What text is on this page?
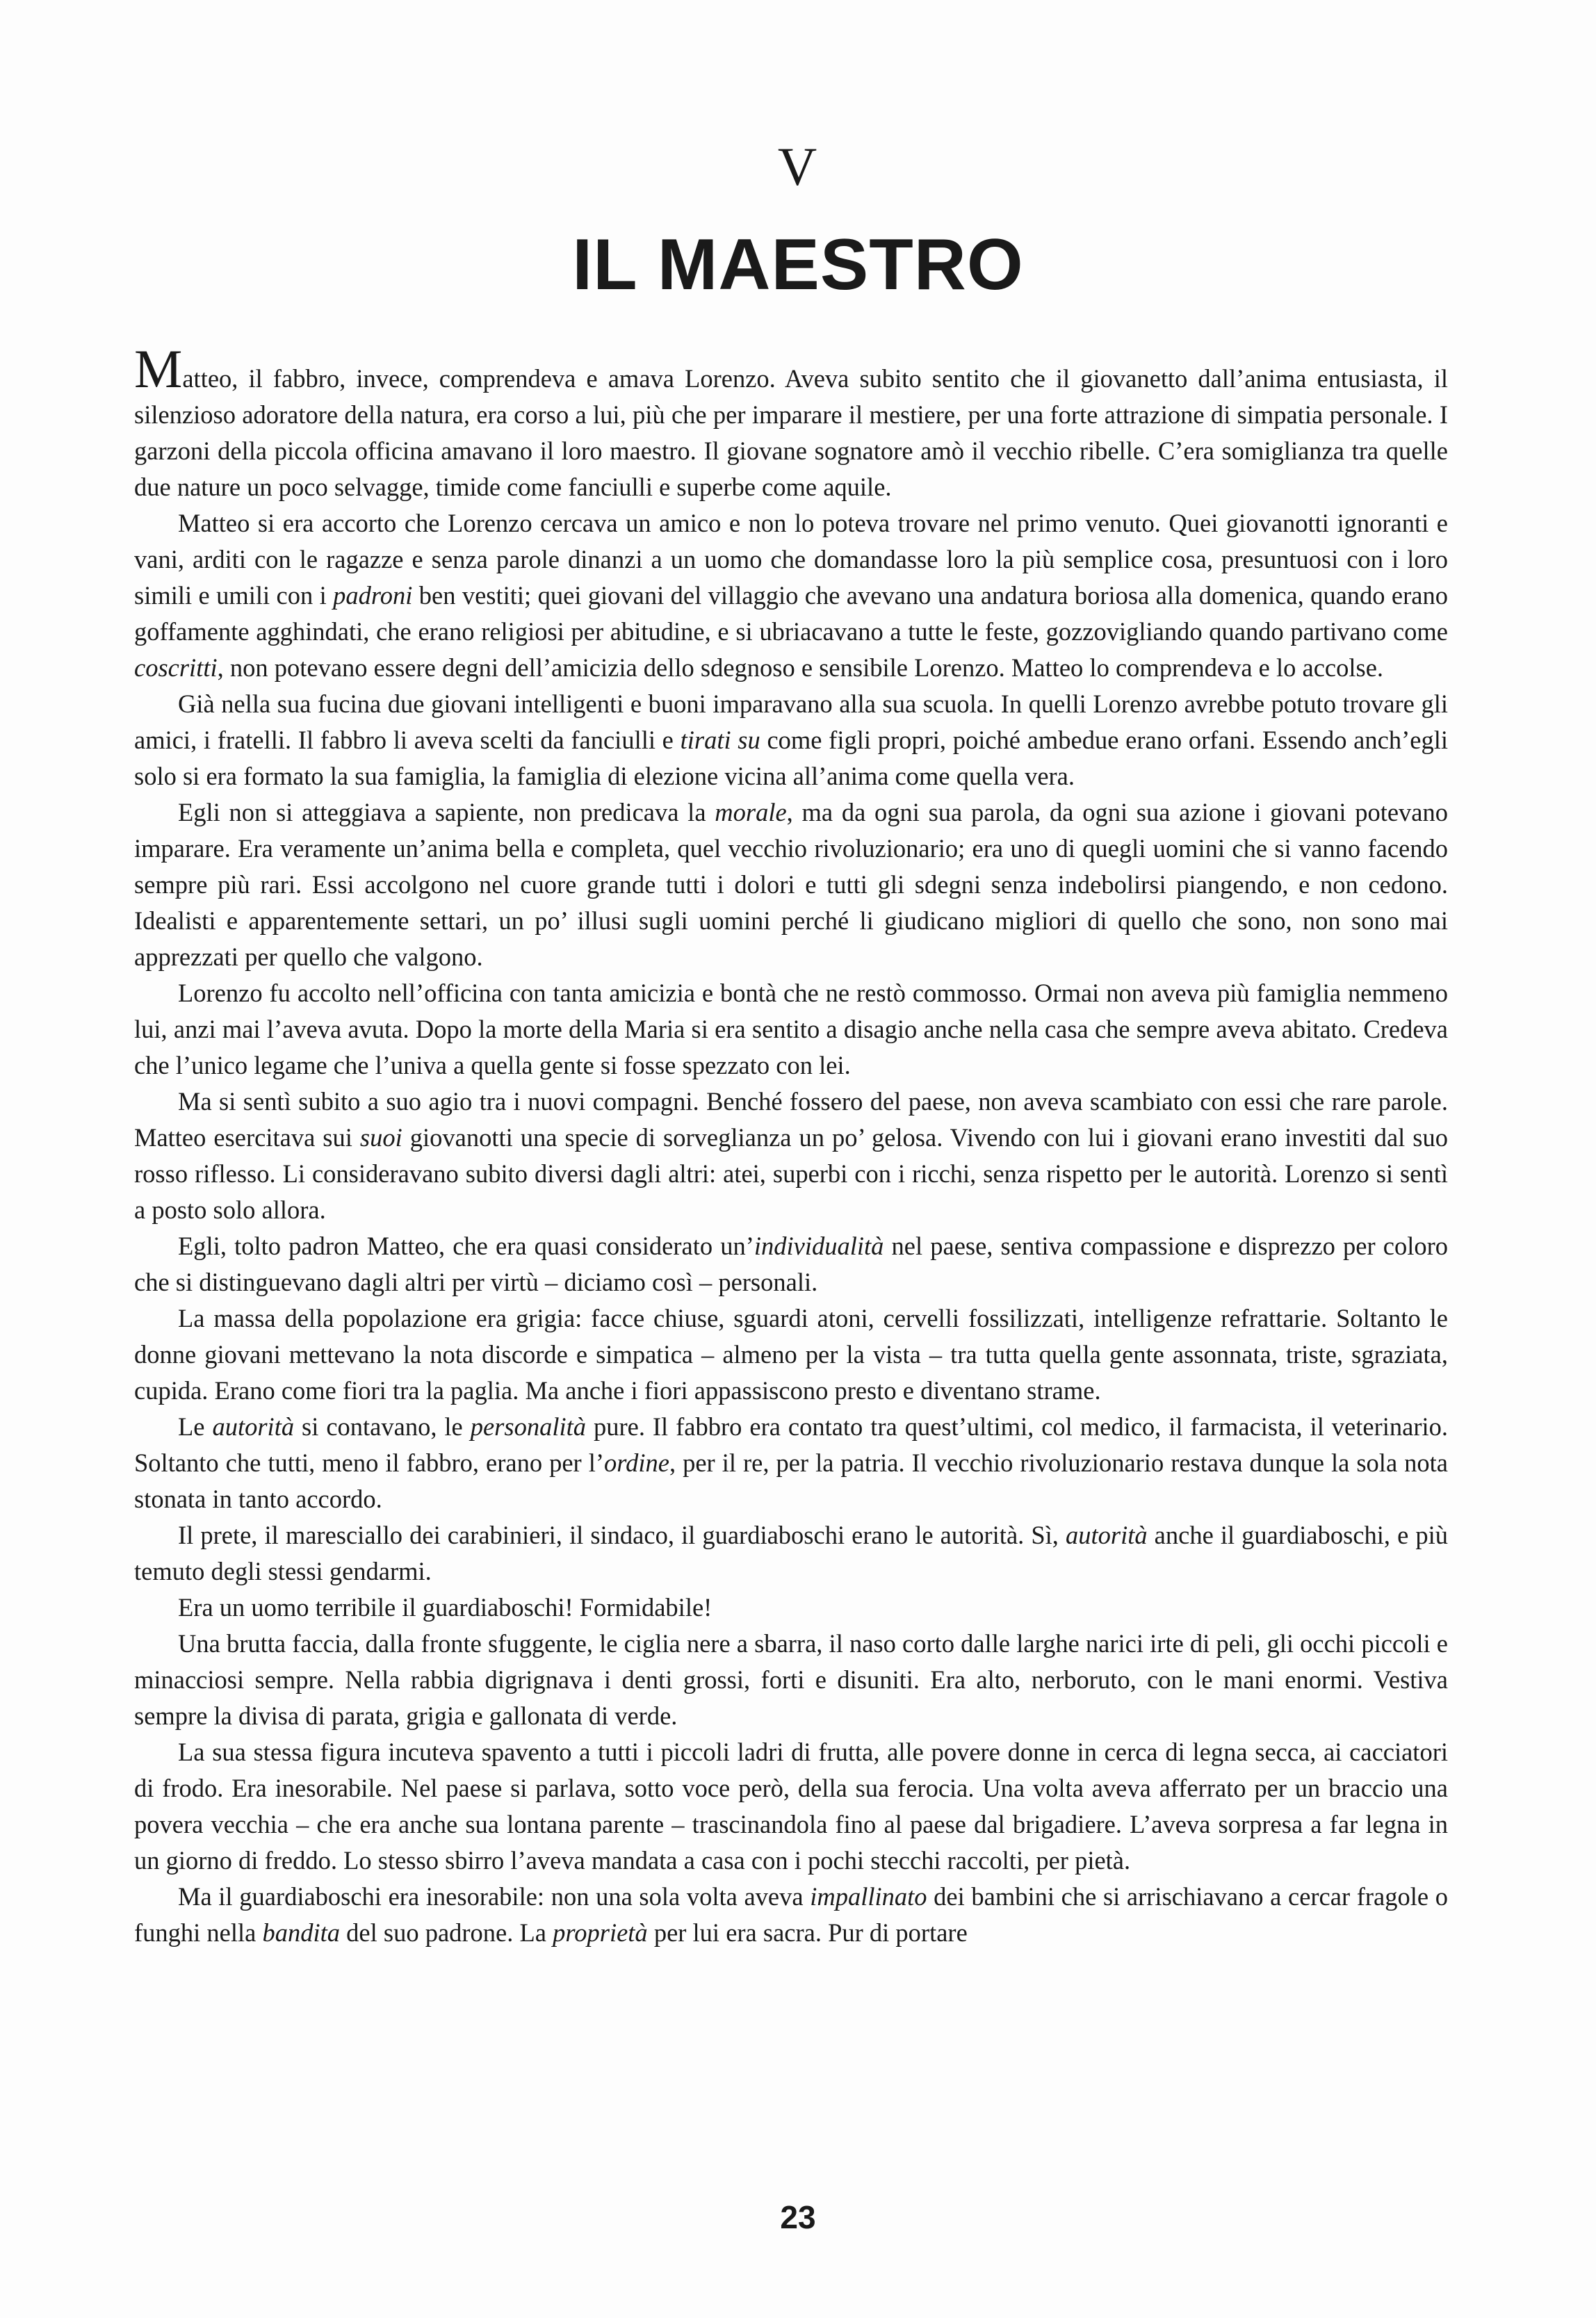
V
IL MAESTRO

Matteo, il fabbro, invece, comprendeva e amava Lorenzo. Aveva subito sentito che il giovanetto dall’anima entusiasta, il silenzioso adoratore della natura, era corso a lui, più che per imparare il mestiere, per una forte attrazione di simpatia personale. I garzoni della piccola officina amavano il loro maestro. Il giovane sognatore amò il vecchio ribelle. C’era somiglianza tra quelle due nature un poco selvagge, timide come fanciulli e superbe come aquile.

Matteo si era accorto che Lorenzo cercava un amico e non lo poteva trovare nel primo venuto. Quei giovanotti ignoranti e vani, arditi con le ragazze e senza parole dinanzi a un uomo che domandasse loro la più semplice cosa, presuntuosi con i loro simili e umili con i padroni ben vestiti; quei giovani del villaggio che avevano una andatura boriosa alla domenica, quando erano goffamente agghindati, che erano religiosi per abitudine, e si ubriacavano a tutte le feste, gozzovigliando quando partivano come coscritti, non potevano essere degni dell’amicizia dello sdegnoso e sensibile Lorenzo. Matteo lo comprendeva e lo accolse.

Già nella sua fucina due giovani intelligenti e buoni imparavano alla sua scuola. In quelli Lorenzo avrebbe potuto trovare gli amici, i fratelli. Il fabbro li aveva scelti da fanciulli e tirati su come figli propri, poiché ambedue erano orfani. Essendo anch’egli solo si era formato la sua famiglia, la famiglia di elezione vicina all’anima come quella vera.

Egli non si atteggiava a sapiente, non predicava la morale, ma da ogni sua parola, da ogni sua azione i giovani potevano imparare. Era veramente un’anima bella e completa, quel vecchio rivoluzionario; era uno di quegli uomini che si vanno facendo sempre più rari. Essi accolgono nel cuore grande tutti i dolori e tutti gli sdegni senza indebolirsi piangendo, e non cedono. Idealisti e apparentemente settari, un po’ illusi sugli uomini perché li giudicano migliori di quello che sono, non sono mai apprezzati per quello che valgono.

Lorenzo fu accolto nell’officina con tanta amicizia e bontà che ne restò commosso. Ormai non aveva più famiglia nemmeno lui, anzi mai l’aveva avuta. Dopo la morte della Maria si era sentito a disagio anche nella casa che sempre aveva abitato. Credeva che l’unico legame che l’univa a quella gente si fosse spezzato con lei.

Ma si sentì subito a suo agio tra i nuovi compagni. Benché fossero del paese, non aveva scambiato con essi che rare parole. Matteo esercitava sui suoi giovanotti una specie di sorveglianza un po’ gelosa. Vivendo con lui i giovani erano investiti dal suo rosso riflesso. Li consideravano subito diversi dagli altri: atei, superbi con i ricchi, senza rispetto per le autorità. Lorenzo si sentì a posto solo allora.

Egli, tolto padron Matteo, che era quasi considerato un’individualità nel paese, sentiva compassione e disprezzo per coloro che si distinguevano dagli altri per virtù – diciamo così – personali.

La massa della popolazione era grigia: facce chiuse, sguardi atoni, cervelli fossilizzati, intelligenze refrattarie. Soltanto le donne giovani mettevano la nota discorde e simpatica – almeno per la vista – tra tutta quella gente assonnata, triste, sgraziata, cupida. Erano come fiori tra la paglia. Ma anche i fiori appassiscono presto e diventano strame.

Le autorità si contavano, le personalità pure. Il fabbro era contato tra quest’ultimi, col medico, il farmacista, il veterinario. Soltanto che tutti, meno il fabbro, erano per l’ordine, per il re, per la patria. Il vecchio rivoluzionario restava dunque la sola nota stonata in tanto accordo.

Il prete, il maresciallo dei carabinieri, il sindaco, il guardiaboschi erano le autorità. Sì, autorità anche il guardiaboschi, e più temuto degli stessi gendarmi.

Era un uomo terribile il guardiaboschi! Formidabile!

Una brutta faccia, dalla fronte sfuggente, le ciglia nere a sbarra, il naso corto dalle larghe narici irte di peli, gli occhi piccoli e minacciosi sempre. Nella rabbia digrignava i denti grossi, forti e disuniti. Era alto, nerboruto, con le mani enormi. Vestiva sempre la divisa di parata, grigia e gallonata di verde.

La sua stessa figura incuteva spavento a tutti i piccoli ladri di frutta, alle povere donne in cerca di legna secca, ai cacciatori di frodo. Era inesorabile. Nel paese si parlava, sotto voce però, della sua ferocia. Una volta aveva afferrato per un braccio una povera vecchia – che era anche sua lontana parente – trascinandola fino al paese dal brigadiere. L’aveva sorpresa a far legna in un giorno di freddo. Lo stesso sbirro l’aveva mandata a casa con i pochi stecchi raccolti, per pietà.

Ma il guardiaboschi era inesorabile: non una sola volta aveva impallinato dei bambini che si arrischiavano a cercar fragole o funghi nella bandita del suo padrone. La proprietà per lui era sacra. Pur di portare

23
